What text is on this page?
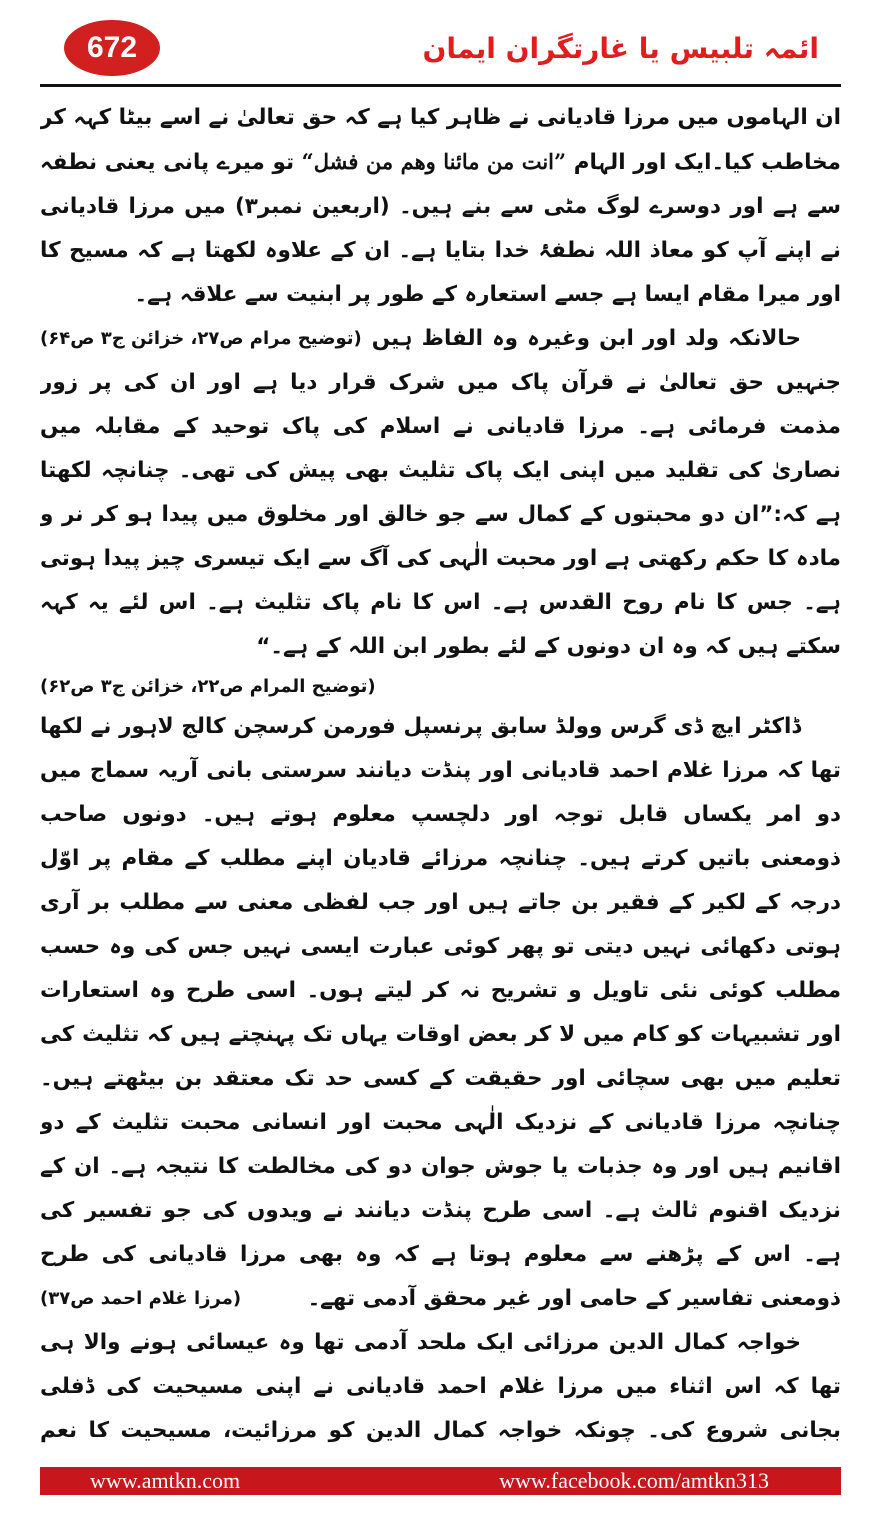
672	ائمہ تلبیس یا غارتگران ایمان

ان الہاموں میں مرزا قادیانی نے ظاہر کیا ہے کہ حق تعالیٰ نے اسے بیٹا کہہ کر مخاطب کیا۔ایک اور الہام ”انت من مائنا وھم من فشل“ تو میرے پانی یعنی نطفہ سے ہے اور دوسرے لوگ مٹی سے بنے ہیں۔ (اربعین نمبر۳) میں مرزا قادیانی نے اپنے آپ کو معاذ اللہ نطفۂ خدا بتایا ہے۔ ان کے علاوہ لکھتا ہے کہ مسیح کا اور میرا مقام ایسا ہے جسے استعارہ کے طور پر ابنیت سے علاقہ ہے۔
(توضیح مرام ص۲۷، خزائن ج۳ ص۶۴) حالانکہ ولد اور ابن وغیرہ وہ الفاظ ہیں جنہیں حق تعالیٰ نے قرآن پاک میں شرک قرار دیا ہے اور ان کی پر زور مذمت فرمائی ہے۔ مرزا قادیانی نے اسلام کی پاک توحید کے مقابلہ میں نصاریٰ کی تقلید میں اپنی ایک پاک تثلیث بھی پیش کی تھی۔ چنانچہ لکھتا ہے کہ:”ان دو محبتوں کے کمال سے جو خالق اور مخلوق میں پیدا ہو کر نر و مادہ کا حکم رکھتی ہے اور محبت الٰہی کی آگ سے ایک تیسری چیز پیدا ہوتی ہے۔ جس کا نام روح القدس ہے۔ اس کا نام پاک تثلیث ہے۔ اس لئے یہ کہہ سکتے ہیں کہ وہ ان دونوں کے لئے بطور ابن اللہ کے ہے۔“

(توضیح المرام ص۲۲، خزائن ج۳ ص۶۲)

ڈاکٹر ایچ ڈی گرس وولڈ سابق پرنسپل فورمن کرسچن کالج لاہور نے لکھا تھا کہ مرزا غلام احمد قادیانی اور پنڈت دیانند سرستی بانی آریہ سماج میں دو امر یکساں قابل توجہ اور دلچسپ معلوم ہوتے ہیں۔ دونوں صاحب ذومعنی باتیں کرتے ہیں۔ چنانچہ مرزائے قادیان اپنے مطلب کے مقام پر اوّل درجہ کے لکیر کے فقیر بن جاتے ہیں اور جب لفظی معنی سے مطلب بر آری ہوتی دکھائی نہیں دیتی تو پھر کوئی عبارت ایسی نہیں جس کی وہ حسب مطلب کوئی نئی تاویل و تشریح نہ کر لیتے ہوں۔ اسی طرح وہ استعارات اور تشبیہات کو کام میں لا کر بعض اوقات یہاں تک پہنچتے ہیں کہ تثلیث کی تعلیم میں بھی سچائی اور حقیقت کے کسی حد تک معتقد بن بیٹھتے ہیں۔ چنانچہ مرزا قادیانی کے نزدیک الٰہی محبت اور انسانی محبت تثلیث کے دو اقانیم ہیں اور وہ جذبات یا جوش جوان دو کی مخالطت کا نتیجہ ہے۔ ان کے نزدیک اقنوم ثالث ہے۔ اسی طرح پنڈت دیانند نے ویدوں کی جو تفسیر کی ہے۔ اس کے پڑھنے سے معلوم ہوتا ہے کہ وہ بھی مرزا قادیانی کی طرح ذومعنی تفاسیر کے حامی اور غیر محقق آدمی تھے۔
(مرزا غلام احمد ص۳۷)

خواجہ کمال الدین مرزائی ایک ملحد آدمی تھا وہ عیسائی ہونے والا ہی تھا کہ اس اثناء میں مرزا غلام احمد قادیانی نے اپنی مسیحیت کی ڈفلی بجانی شروع کی۔ چونکہ خواجہ کمال الدین کو مرزائیت، مسیحیت کا نعم

www.amtkn.com	www.facebook.com/amtkn313
